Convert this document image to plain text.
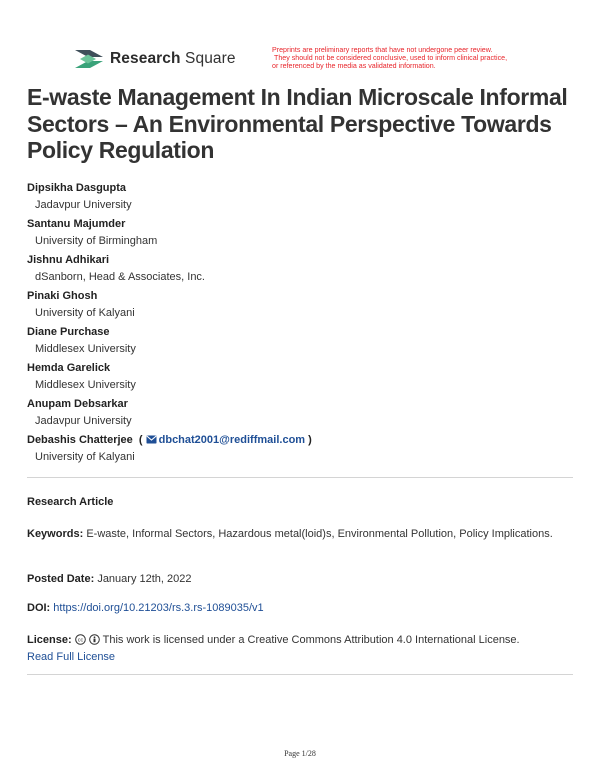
Research Square	Preprints are preliminary reports that have not undergone peer review.
They should not be considered conclusive, used to inform clinical practice,
or referenced by the media as validated information.
E-waste Management In Indian Microscale Informal Sectors – An Environmental Perspective Towards Policy Regulation
Dipsikha Dasgupta
Jadavpur University
Santanu Majumder
University of Birmingham
Jishnu Adhikari
dSanborn, Head & Associates, Inc.
Pinaki Ghosh
University of Kalyani
Diane Purchase
Middlesex University
Hemda Garelick
Middlesex University
Anupam Debsarkar
Jadavpur University
Debashis Chatterjee  ( dbchat2001@rediffmail.com )
University of Kalyani
Research Article
Keywords: E-waste, Informal Sectors, Hazardous metal(loid)s, Environmental Pollution, Policy Implications.
Posted Date: January 12th, 2022
DOI: https://doi.org/10.21203/rs.3.rs-1089035/v1
License: cc This work is licensed under a Creative Commons Attribution 4.0 International License.
Read Full License
Page 1/28
